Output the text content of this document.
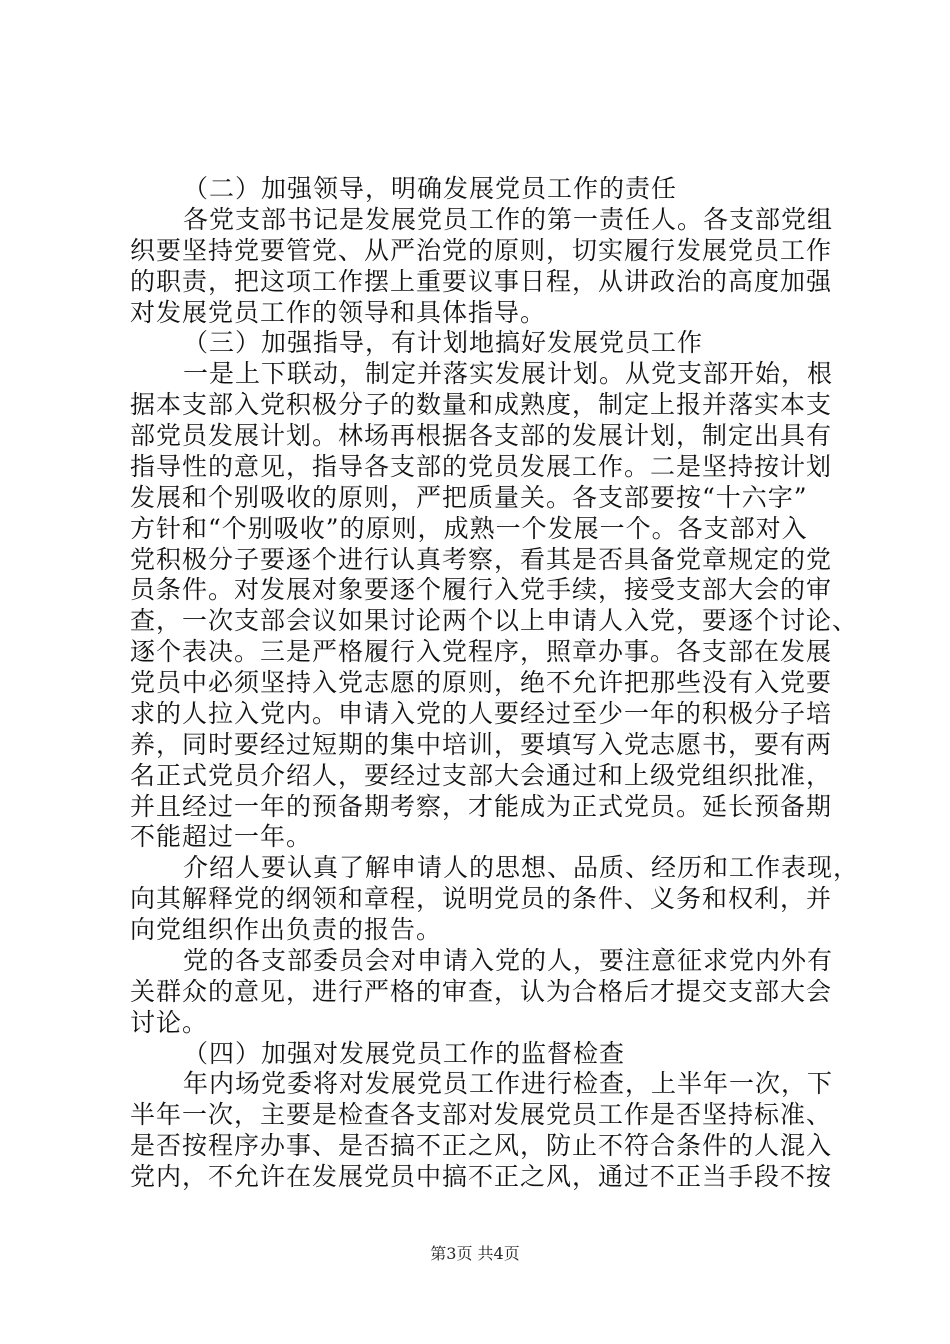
（二）加强领导，明确发展党员工作的责任
各党支部书记是发展党员工作的第一责任人。各支部党组
织要坚持党要管党、从严治党的原则，切实履行发展党员工作
的职责，把这项工作摆上重要议事日程，从讲政治的高度加强
对发展党员工作的领导和具体指导。
（三）加强指导，有计划地搞好发展党员工作
一是上下联动，制定并落实发展计划。从党支部开始，根
据本支部入党积极分子的数量和成熟度，制定上报并落实本支
部党员发展计划。林场再根据各支部的发展计划，制定出具有
指导性的意见，指导各支部的党员发展工作。二是坚持按计划
发展和个别吸收的原则，严把质量关。各支部要按“十六字”
方针和“个别吸收”的原则，成熟一个发展一个。各支部对入
党积极分子要逐个进行认真考察，看其是否具备党章规定的党
员条件。对发展对象要逐个履行入党手续，接受支部大会的审
查，一次支部会议如果讨论两个以上申请人入党，要逐个讨论、
逐个表决。三是严格履行入党程序，照章办事。各支部在发展
党员中必须坚持入党志愿的原则，绝不允许把那些没有入党要
求的人拉入党内。申请入党的人要经过至少一年的积极分子培
养，同时要经过短期的集中培训，要填写入党志愿书，要有两
名正式党员介绍人，要经过支部大会通过和上级党组织批准，
并且经过一年的预备期考察，才能成为正式党员。延长预备期
不能超过一年。
介绍人要认真了解申请人的思想、品质、经历和工作表现，
向其解释党的纲领和章程，说明党员的条件、义务和权利，并
向党组织作出负责的报告。
党的各支部委员会对申请入党的人，要注意征求党内外有
关群众的意见，进行严格的审查，认为合格后才提交支部大会
讨论。
（四）加强对发展党员工作的监督检查
年内场党委将对发展党员工作进行检查，上半年一次，下
半年一次，主要是检查各支部对发展党员工作是否坚持标准、
是否按程序办事、是否搞不正之风，防止不符合条件的人混入
党内，不允许在发展党员中搞不正之风，通过不正当手段不按
第3页 共4页
